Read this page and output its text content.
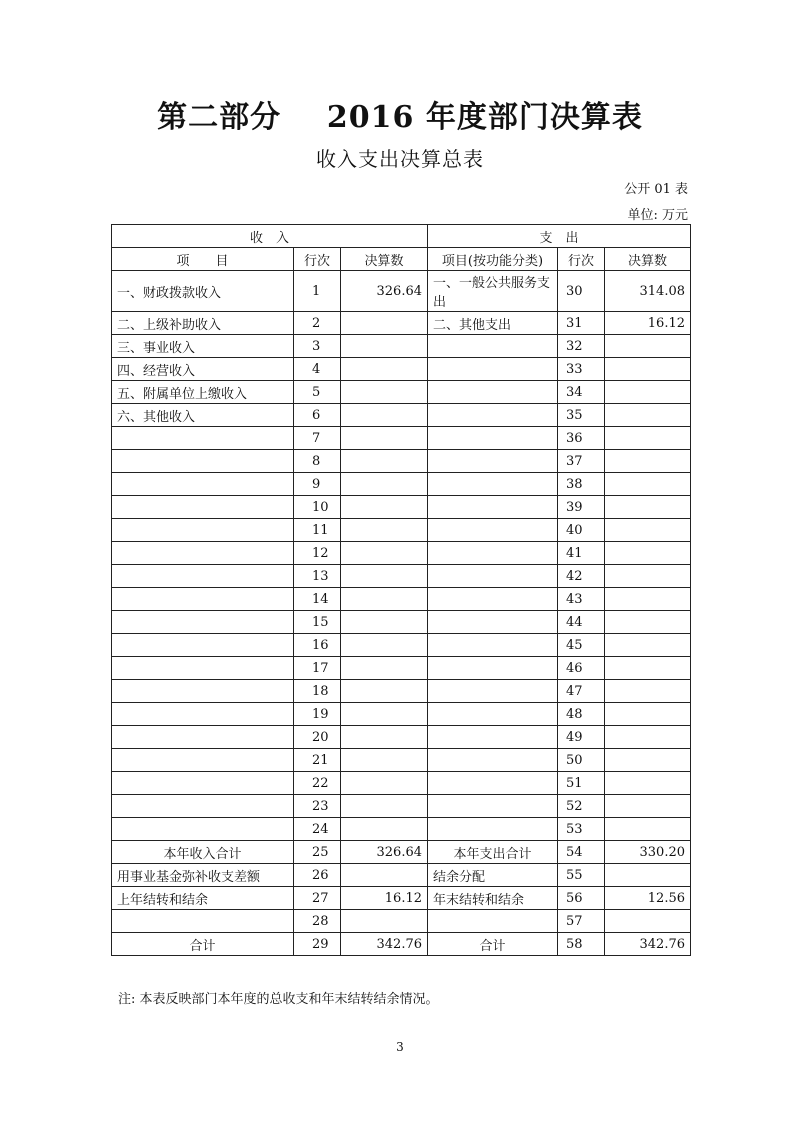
第二部分    2016 年度部门决算表
收入支出决算总表
公开 01 表
单位: 万元
收　入			支　出		
项　　目	行次	决算数	项目(按功能分类)	行次	决算数
一、财政拨款收入	1	326.64	一、一般公共服务支出	30	314.08
二、上级补助收入	2		二、其他支出	31	16.12
三、事业收入	3			32	
四、经营收入	4			33	
五、附属单位上缴收入	5			34	
六、其他收入	6			35	
	7			36	
	8			37	
	9			38	
	10			39	
	11			40	
	12			41	
	13			42	
	14			43	
	15			44	
	16			45	
	17			46	
	18			47	
	19			48	
	20			49	
	21			50	
	22			51	
	23			52	
	24			53	
本年收入合计	25	326.64	本年支出合计	54	330.20
用事业基金弥补收支差额	26		结余分配	55	
上年结转和结余	27	16.12	年末结转和结余	56	12.56
	28			57	
合计	29	342.76	合计	58	342.76
注: 本表反映部门本年度的总收支和年末结转结余情况。
3
